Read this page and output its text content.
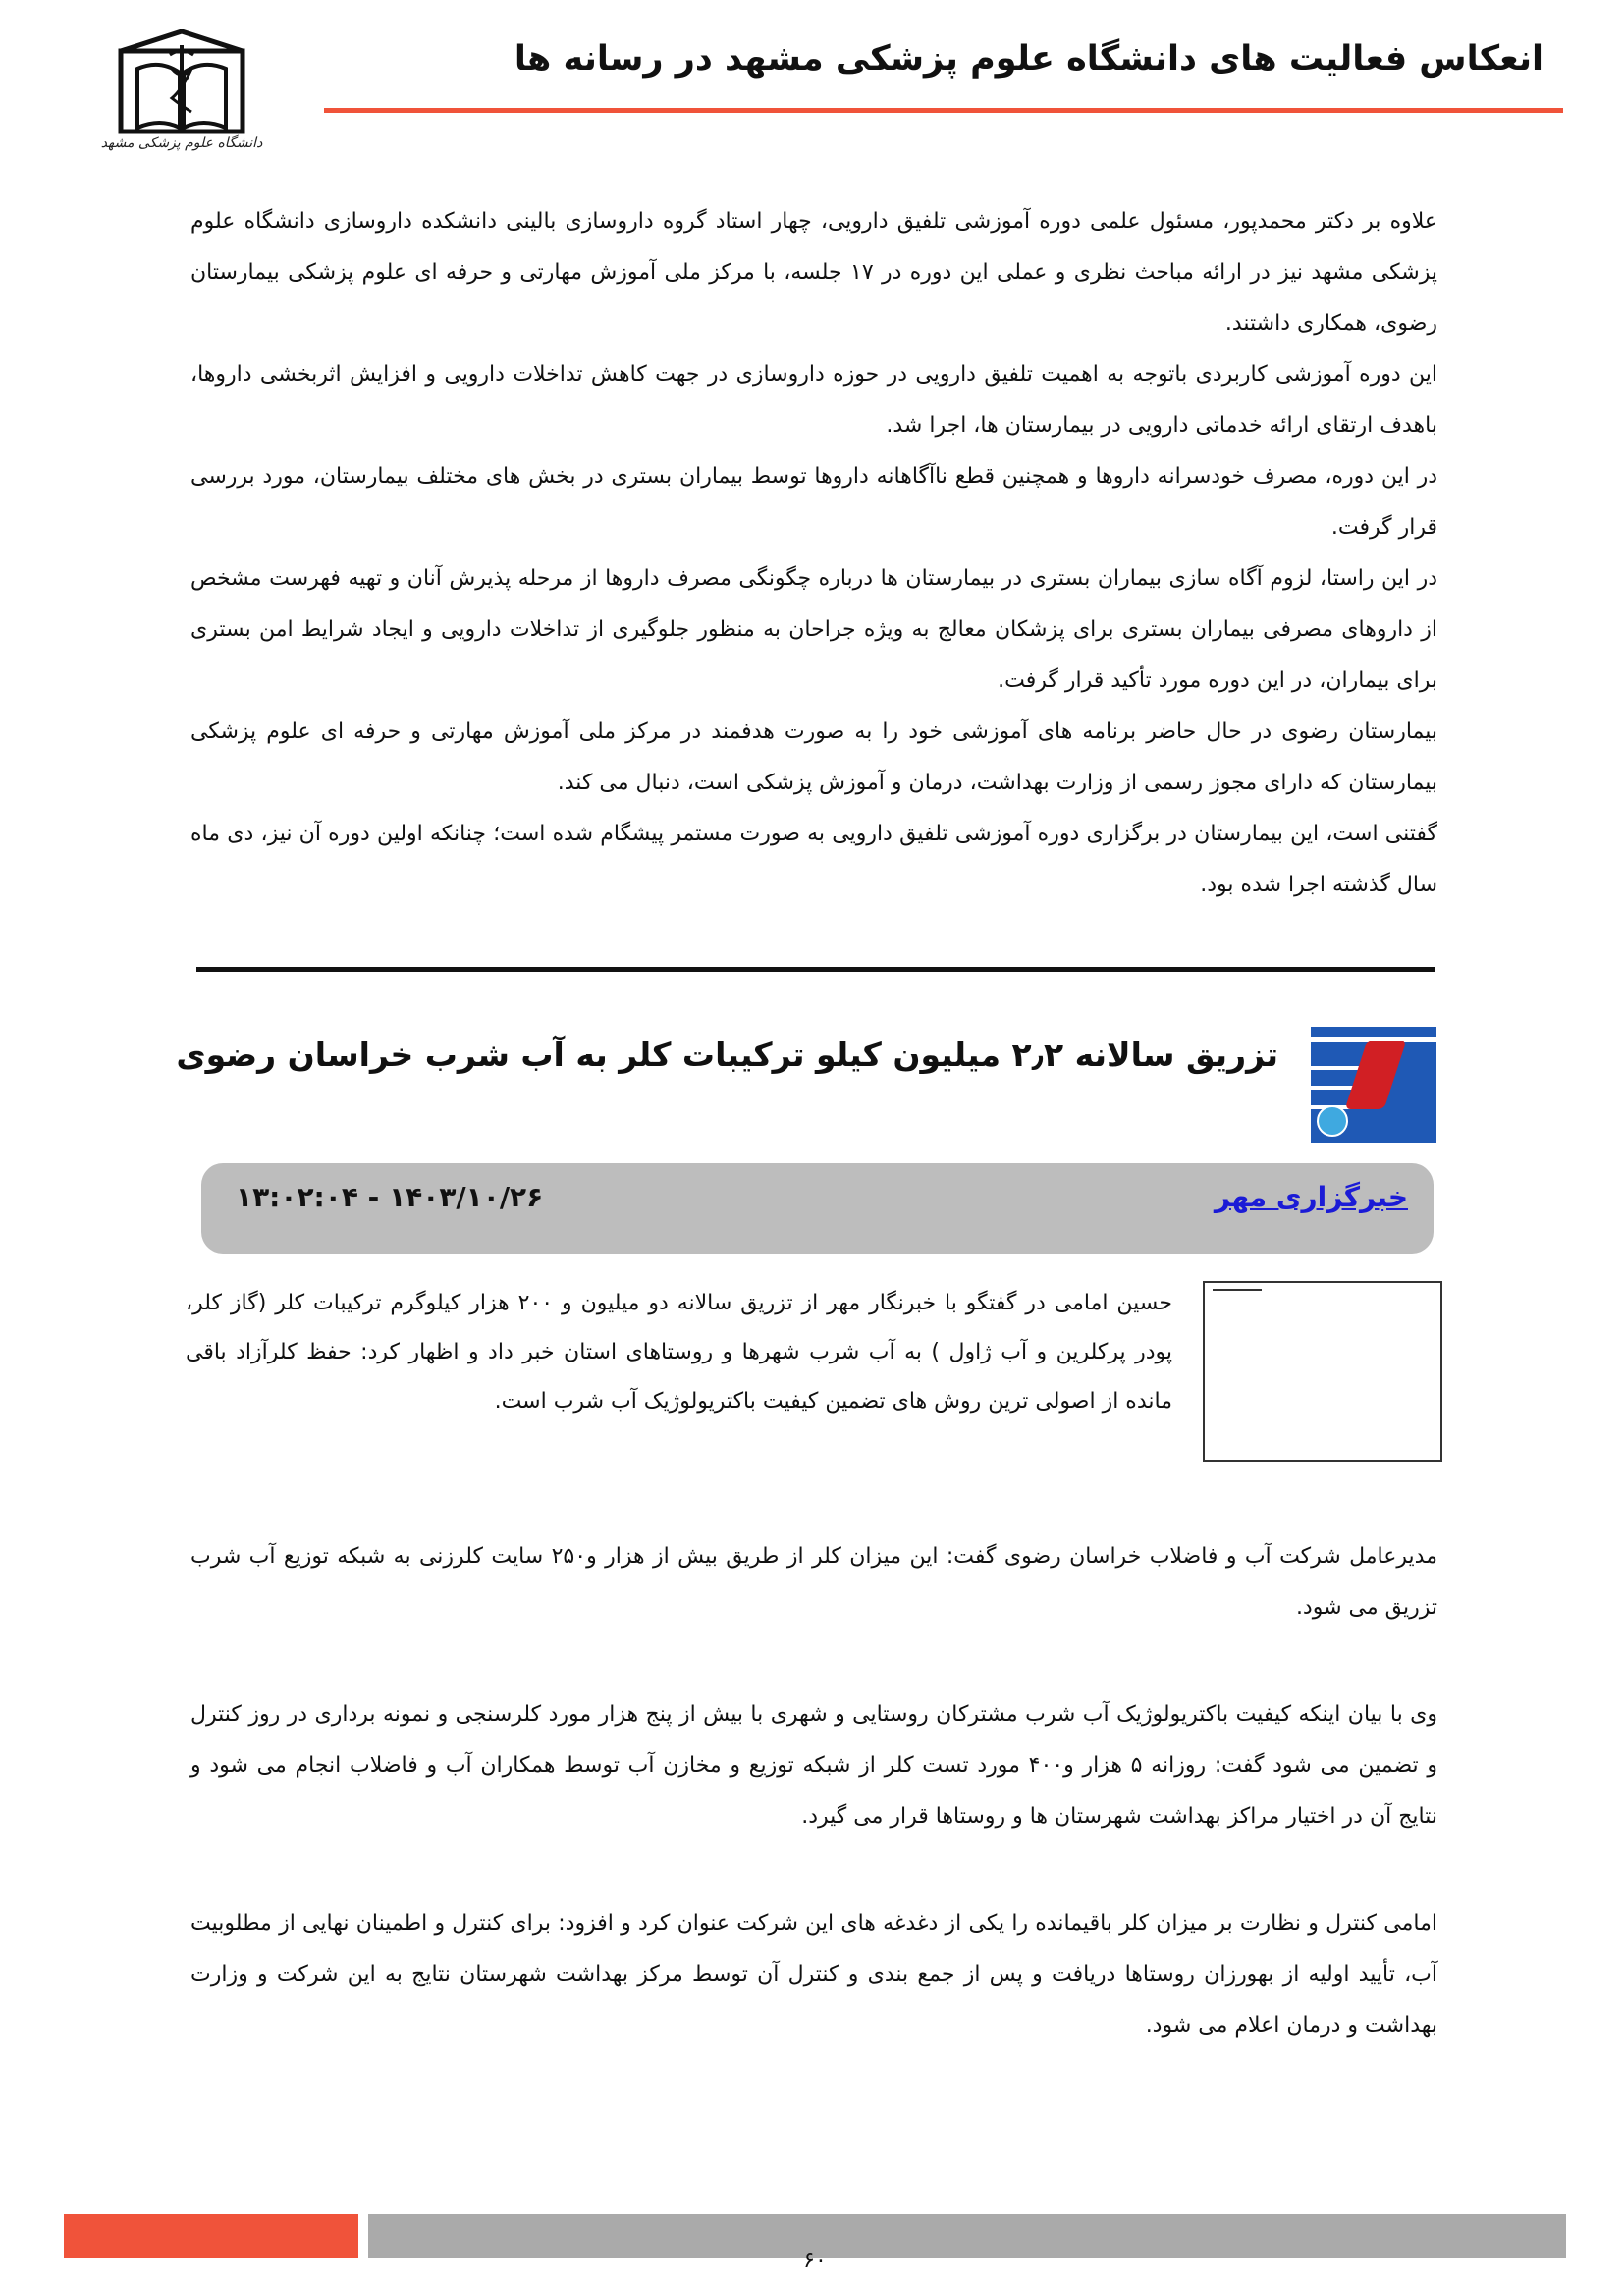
انعکاس فعالیت های دانشگاه علوم پزشکی مشهد در رسانه ها
دانشگاه علوم پزشکی مشهد

علاوه بر دکتر محمدپور، مسئول علمی دوره آموزشی تلفیق دارویی، چهار استاد گروه داروسازی بالینی دانشکده داروسازی دانشگاه علوم پزشکی مشهد نیز در ارائه مباحث نظری و عملی این دوره در ۱۷ جلسه، با مرکز ملی آموزش مهارتی و حرفه ای علوم پزشکی بیمارستان رضوی، همکاری داشتند.

این دوره آموزشی کاربردی باتوجه به اهمیت تلفیق دارویی در حوزه داروسازی در جهت کاهش تداخلات دارویی و افزایش اثربخشی داروها، باهدف ارتقای ارائه خدماتی دارویی در بیمارستان ها، اجرا شد.

در این دوره، مصرف خودسرانه داروها و همچنین قطع ناآگاهانه داروها توسط بیماران بستری در بخش های مختلف بیمارستان، مورد بررسی قرار گرفت.

در این راستا، لزوم آگاه سازی بیماران بستری در بیمارستان ها درباره چگونگی مصرف داروها از مرحله پذیرش آنان و تهیه فهرست مشخص از داروهای مصرفی بیماران بستری برای پزشکان معالج به ویژه جراحان به منظور جلوگیری از تداخلات دارویی و ایجاد شرایط امن بستری برای بیماران، در این دوره مورد تأکید قرار گرفت.

بیمارستان رضوی در حال حاضر برنامه های آموزشی خود را به صورت هدفمند در مرکز ملی آموزش مهارتی و حرفه ای علوم پزشکی بیمارستان که دارای مجوز رسمی از وزارت بهداشت، درمان و آموزش پزشکی است، دنبال می کند.

گفتنی است، این بیمارستان در برگزاری دوره آموزشی تلفیق دارویی به صورت مستمر پیشگام شده است؛ چنانکه اولین دوره آن نیز، دی ماه سال گذشته اجرا شده بود.

تزریق سالانه ۲٫۲ میلیون کیلو ترکیبات کلر به آب شرب خراسان رضوی
خبرگزاری مهر
۱۴۰۳/۱۰/۲۶ - ۱۳:۰۲:۰۴

حسین امامی در گفتگو با خبرنگار مهر از تزریق سالانه دو میلیون و ۲۰۰ هزار کیلوگرم ترکیبات کلر (گاز کلر، پودر پرکلرین و آب ژاول ) به آب شرب شهرها و روستاهای استان خبر داد و اظهار کرد: حفظ کلرآزاد باقی مانده از اصولی ترین روش های تضمین کیفیت باکتریولوژیک آب شرب است.

مدیرعامل شرکت آب و فاضلاب خراسان رضوی گفت: این میزان کلر از طریق بیش از هزار و۲۵۰ سایت کلرزنی به شبکه توزیع آب شرب تزریق می شود.

وی با بیان اینکه کیفیت باکتریولوژیک آب شرب مشترکان روستایی و شهری با بیش از پنج هزار مورد کلرسنجی و نمونه برداری در روز کنترل و تضمین می شود گفت: روزانه ۵ هزار و۴۰۰ مورد تست کلر از شبکه توزیع و مخازن آب توسط همکاران آب و فاضلاب انجام می شود و نتایج آن در اختیار مراکز بهداشت شهرستان ها و روستاها قرار می گیرد.

امامی کنترل و نظارت بر میزان کلر باقیمانده را یکی از دغدغه های این شرکت عنوان کرد و افزود: برای کنترل و اطمینان نهایی از مطلوبیت آب، تأیید اولیه از بهورزان روستاها دریافت و پس از جمع بندی و کنترل آن توسط مرکز بهداشت شهرستان نتایج به این شرکت و وزارت بهداشت و درمان اعلام می شود.

۶۰
